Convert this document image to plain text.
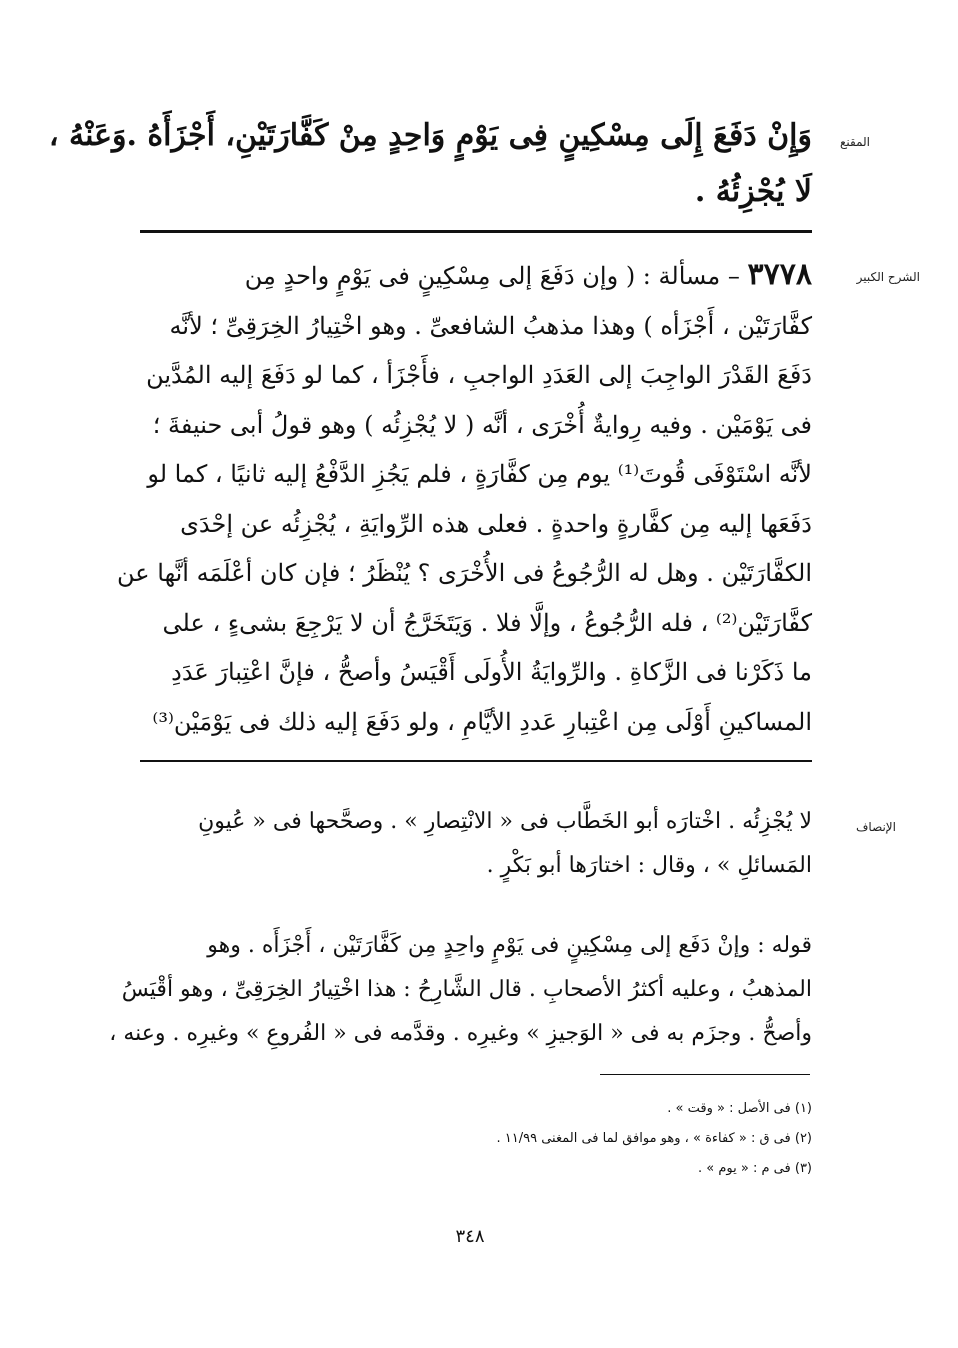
المقنع
وَإِنْ دَفَعَ إِلَى مِسْكِينٍ فِى يَوْمٍ وَاحِدٍ مِنْ كَفَّارَتَيْنِ، أَجْزَأَهُ .وَعَنْهُ ،
لَا يُجْزِئُهُ .
الشرح الكبير
٣٧٧٨ – مسألة : ( وإن دَفَعَ إلى مِسْكِينٍ فى يَوْمٍ واحدٍ مِن
كفَّارَتَيْن ، أَجْزَأه ) وهذا مذهبُ الشافعىِّ . وهو اخْتِيارُ الخِرَقِىِّ ؛ لأنَّه
دَفَعَ القَدْرَ الواجِبَ إلى العَدَدِ الواجبِ ، فأَجْزَأ ، كما لو دَفَعَ إليه المُدَّين
فى يَوْمَيْن . وفيه رِوايةٌ أُخْرَى ، أنَّه ( لا يُجْزِئُه ) وهو قولُ أبى حنيفةَ ؛
لأنَّه اسْتَوْفَى قُوتَ⁽¹⁾ يوم مِن كفَّارَةٍ ، فلم يَجُزِ الدَّفْعُ إليه ثانيًا ، كما لو
دَفَعَها إليه مِن كفَّارةٍ واحدةٍ . فعلى هذه الرِّوايَةِ ، يُجْزِئُه عن إحْدَى
الكفَّارَتَيْن . وهل له الرُّجُوعُ فى الأُخْرَى ؟ يُنْظَرُ ؛ فإن كان أعْلَمَه أنَّها عن
كفَّارَتَيْن⁽²⁾ ، فله الرُّجُوعُ ، وإلَّا فلا . وَيَتَخَرَّجُ أن لا يَرْجِعَ بشىءٍ ، على
ما ذَكَرْنا فى الزَّكاةِ . والرِّوايَةُ الأُولَى أَقْيَسُ وأصحُّ ، فإنَّ اعْتِبارَ عَدَدِ
المساكينِ أَوْلَى مِن اعْتِبارِ عَددِ الأيَّامِ ، ولو دَفَعَ إليه ذلك فى يَوْمَيْن⁽³⁾
الإنصاف
لا يُجْزِئُه . اخْتارَه أبو الخَطَّاب فى « الانْتِصارِ » . وصحَّحها فى « عُيونِ
المَسائلِ » ، وقال : اختارَها أبو بَكْرٍ .
قوله : وإنْ دَفَع إلى مِسْكِينٍ فى يَوْمٍ واحِدٍ مِن كَفَّارَتَيْن ، أَجْزَأَه . وهو
المذهبُ ، وعليه أكثرُ الأصحابِ . قال الشَّارِحُ : هذا اخْتِيارُ الخِرَقِىِّ ، وهو أقْيَسُ
وأصحُّ . وجزَم به فى « الوَجيزِ » وغيرِه . وقدَّمه فى « الفُروعِ » وغيرِه . وعنه ،
(١) فى الأصل : « وقت » .
(٢) فى ق : « كفاءة » ، وهو موافق لما فى المغنى ١١/٩٩ .
(٣) فى م : « يوم » .
٣٤٨
